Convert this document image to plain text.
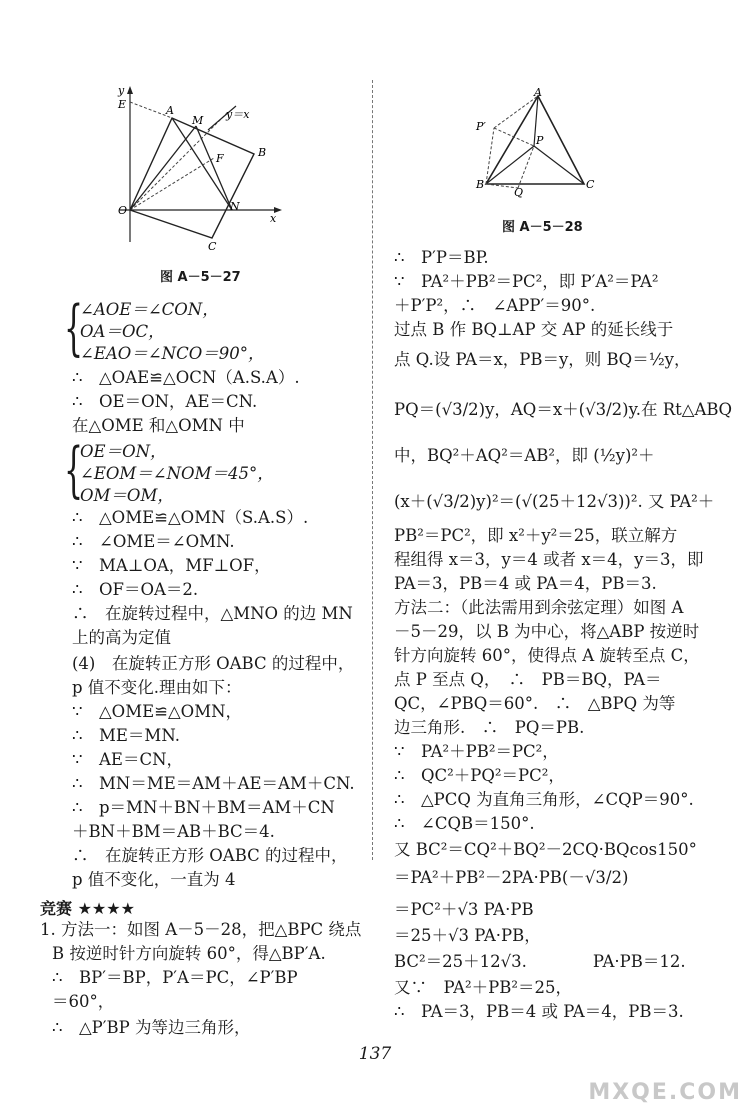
y
E	A
M y＝x
F	B
O	N
x
C
图 A－5－27
A
P′
P
B
Q
C
图 A－5－28
{
{
∠AOE＝∠CON，
OA＝OC，
∠EAO＝∠NCO＝90°，
∴　△OAE≌△OCN（A.S.A）.
∴　OE＝ON，AE＝CN.
在△OME 和△OMN 中
OE＝ON，
∠EOM＝∠NOM＝45°，
OM＝OM，
∴　△OME≌△OMN（S.A.S）.
∴　∠OME＝∠OMN.
∵　MA⊥OA，MF⊥OF，
∴　OF＝OA＝2.
∴　在旋转过程中，△MNO 的边 MN
上的高为定值
(4)　在旋转正方形 OABC 的过程中，
p 值不变化.理由如下：
∵　△OME≌△OMN，
∴　ME＝MN.
∵　AE＝CN，
∴　MN＝ME＝AM＋AE＝AM＋CN.
∴　p＝MN＋BN＋BM＝AM＋CN
＋BN＋BM＝AB＋BC＝4.
∴　在旋转正方形 OABC 的过程中，
p 值不变化，一直为 4
竞赛 ★★★★
1. 方法一：如图 A－5－28，把△BPC 绕点
B 按逆时针方向旋转 60°，得△BP′A.
∴　BP′＝BP，P′A＝PC，∠P′BP
＝60°，
∴　△P′BP 为等边三角形，
∴　P′P＝BP.
∵　PA²＋PB²＝PC²，即 P′A²＝PA²
＋P′P²，∴　∠APP′＝90°.
过点 B 作 BQ⊥AP 交 AP 的延长线于
点 Q.设 PA＝x，PB＝y，则 BQ＝½y，
PQ＝(√3/2)y，AQ＝x＋(√3/2)y.在 Rt△ABQ
中，BQ²＋AQ²＝AB²，即 (½y)²＋
(x＋(√3/2)y)²＝(√(25＋12√3))². 又 PA²＋
PB²＝PC²，即 x²＋y²＝25，联立解方
程组得 x＝3，y＝4 或者 x＝4，y＝3，即
PA＝3，PB＝4 或 PA＝4，PB＝3.
方法二：（此法需用到余弦定理）如图 A
－5－29，以 B 为中心，将△ABP 按逆时
针方向旋转 60°，使得点 A 旋转至点 C，
点 P 至点 Q，　∴　PB＝BQ，PA＝
QC，∠PBQ＝60°.　∴　△BPQ 为等
边三角形.　∴　PQ＝PB.
∵　PA²＋PB²＝PC²，
∴　QC²＋PQ²＝PC²，
∴　△PCQ 为直角三角形，∠CQP＝90°.
∴　∠CQB＝150°.
又 BC²＝CQ²＋BQ²－2CQ·BQcos150°
＝PA²＋PB²－2PA·PB(－√3/2)
＝PC²＋√3 PA·PB
＝25＋√3 PA·PB，
BC²＝25＋12√3.　　　　PA·PB＝12.
又∵　PA²＋PB²＝25，
∴　PA＝3，PB＝4 或 PA＝4，PB＝3.
137
MXQE.COM
